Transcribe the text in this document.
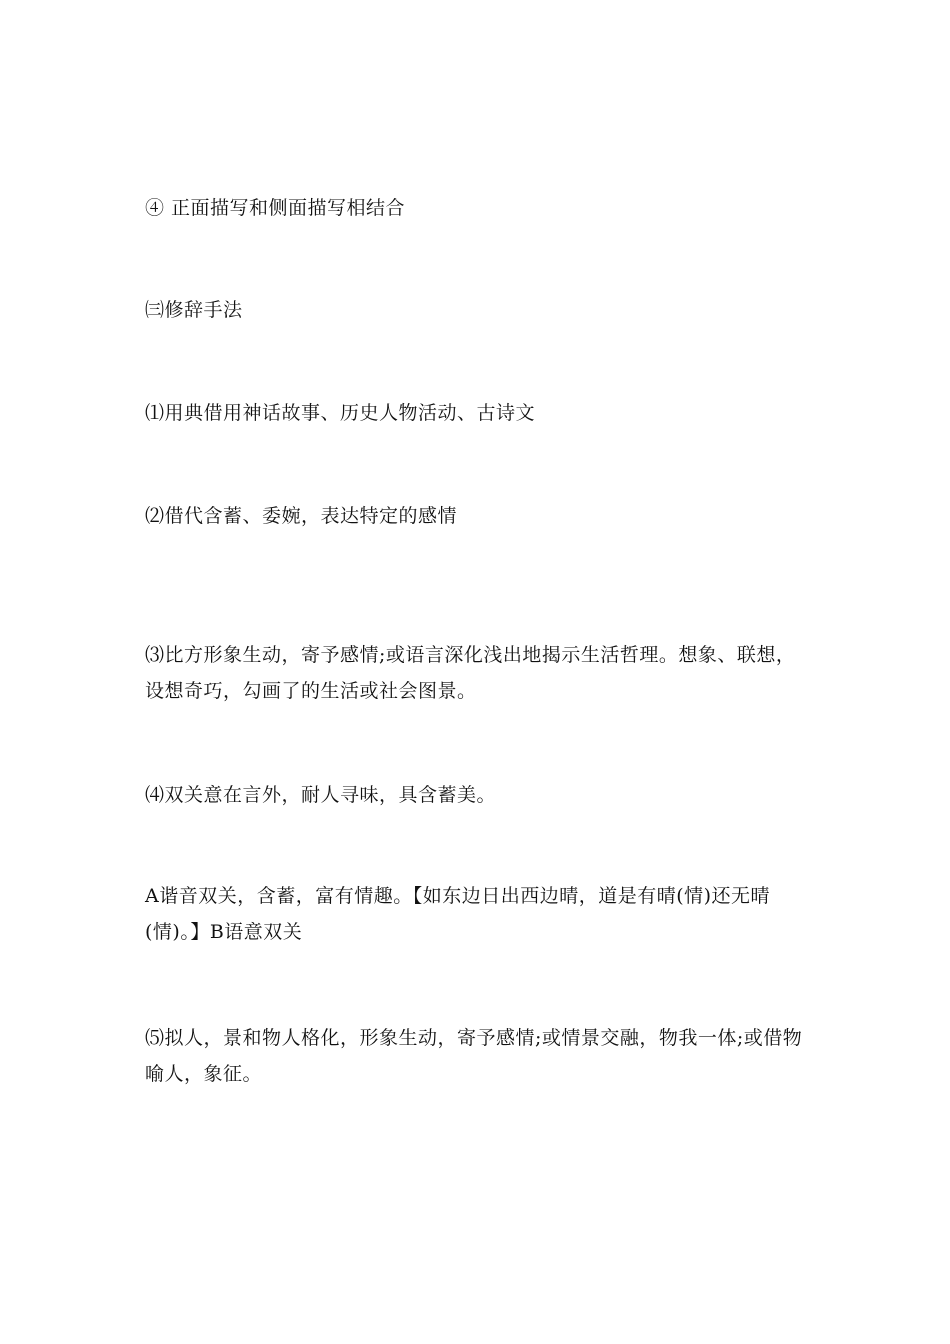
④ 正面描写和侧面描写相结合
㈢修辞手法
⑴用典借用神话故事、历史人物活动、古诗文
⑵借代含蓄、委婉，表达特定的感情
⑶比方形象生动，寄予感情;或语言深化浅出地揭示生活哲理。想象、联想，设想奇巧，勾画了的生活或社会图景。
⑷双关意在言外，耐人寻味，具含蓄美。
A谐音双关，含蓄，富有情趣。【如东边日出西边晴，道是有晴(情)还无晴(情)。】B语意双关
⑸拟人，景和物人格化，形象生动，寄予感情;或情景交融，物我一体;或借物喻人，象征。
